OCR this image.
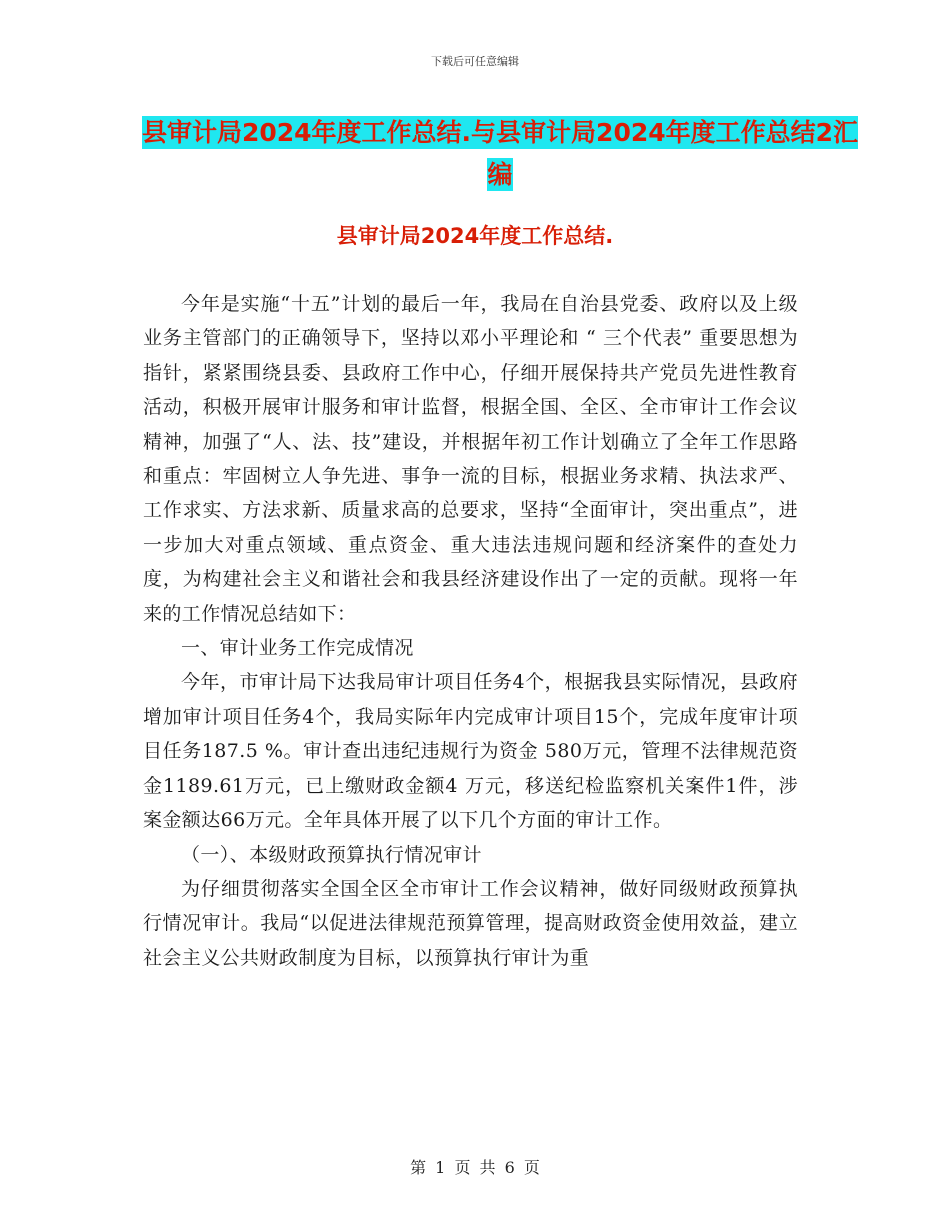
下载后可任意编辑
县审计局2024年度工作总结.与县审计局2024年度工作总结2汇编
县审计局2024年度工作总结.

今年是实施“十五”计划的最后一年，我局在自治县党委、政府以及上级业务主管部门的正确领导下，坚持以邓小平理论和 “ 三个代表” 重要思想为指针，紧紧围绕县委、县政府工作中心，仔细开展保持共产党员先进性教育活动，积极开展审计服务和审计监督，根据全国、全区、全市审计工作会议精神，加强了“人、法、技”建设，并根据年初工作计划确立了全年工作思路和重点：牢固树立人争先进、事争一流的目标，根据业务求精、执法求严、工作求实、方法求新、质量求高的总要求，坚持“全面审计，突出重点”，进一步加大对重点领域、重点资金、重大违法违规问题和经济案件的查处力度，为构建社会主义和谐社会和我县经济建设作出了一定的贡献。现将一年来的工作情况总结如下：

一、审计业务工作完成情况

今年，市审计局下达我局审计项目任务4个，根据我县实际情况，县政府增加审计项目任务4个，我局实际年内完成审计项目15个，完成年度审计项目任务187.5 %。审计查出违纪违规行为资金 580万元，管理不法律规范资金1189.61万元，已上缴财政金额4 万元，移送纪检监察机关案件1件，涉案金额达66万元。全年具体开展了以下几个方面的审计工作。

（一）、本级财政预算执行情况审计

为仔细贯彻落实全国全区全市审计工作会议精神，做好同级财政预算执行情况审计。我局“以促进法律规范预算管理，提高财政资金使用效益，建立社会主义公共财政制度为目标，以预算执行审计为重

第 1 页 共 6 页
